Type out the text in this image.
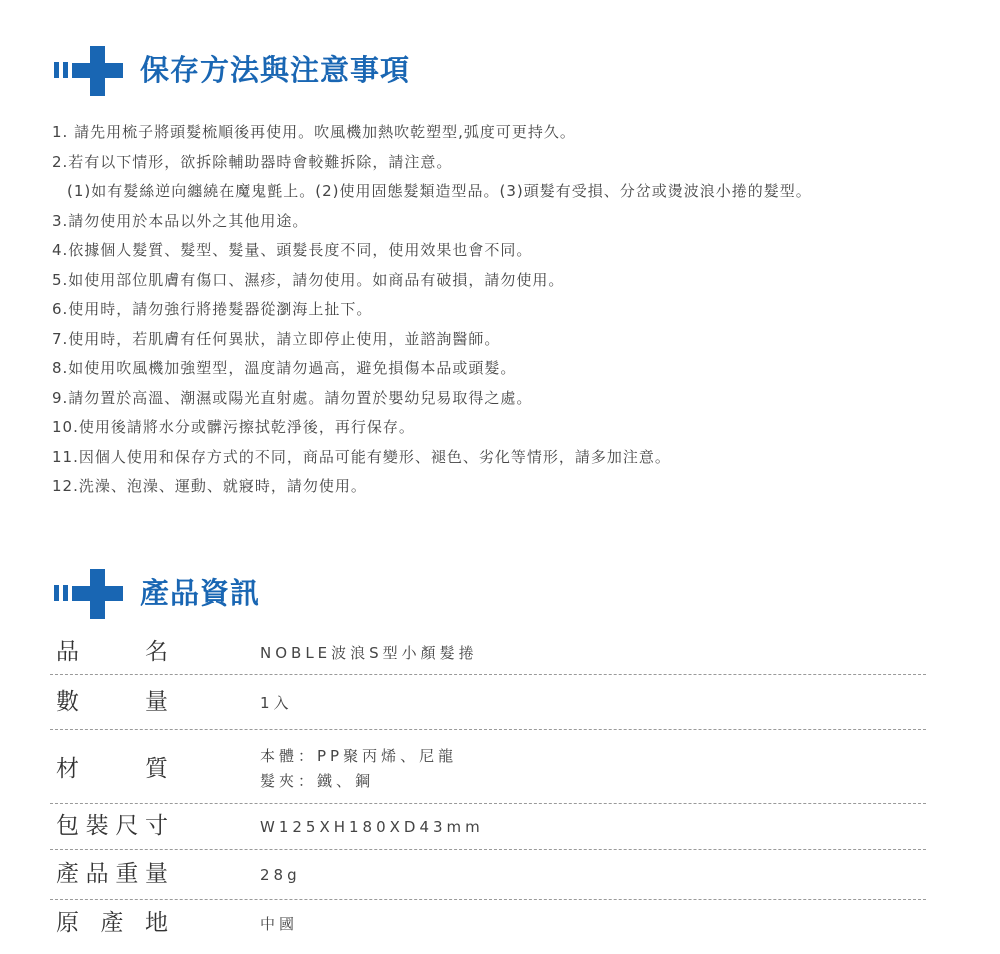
保存方法與注意事項
1. 請先用梳子將頭髮梳順後再使用。吹風機加熱吹乾塑型,弧度可更持久。
2.若有以下情形，欲拆除輔助器時會較難拆除，請注意。
(1)如有髮絲逆向纏繞在魔鬼氈上。(2)使用固態髮類造型品。(3)頭髮有受損、分岔或燙波浪小捲的髮型。
3.請勿使用於本品以外之其他用途。
4.依據個人髮質、髮型、髮量、頭髮長度不同，使用效果也會不同。
5.如使用部位肌膚有傷口、濕疹，請勿使用。如商品有破損，請勿使用。
6.使用時，請勿強行將捲髮器從瀏海上扯下。
7.使用時，若肌膚有任何異狀，請立即停止使用，並諮詢醫師。
8.如使用吹風機加強塑型，溫度請勿過高，避免損傷本品或頭髮。
9.請勿置於高溫、潮濕或陽光直射處。請勿置於嬰幼兒易取得之處。
10.使用後請將水分或髒污擦拭乾淨後，再行保存。
11.因個人使用和保存方式的不同，商品可能有變形、褪色、劣化等情形，請多加注意。
12.洗澡、泡澡、運動、就寢時，請勿使用。
產品資訊
品	名	NOBLE波浪S型小顏髮捲
數	量	1入
材	質	本體：PP聚丙烯、尼龍
髮夾：鐵、鋼
包 裝 尺 寸	W125XH180XD43mm
產 品 重 量	28g
原 產 地	中國
